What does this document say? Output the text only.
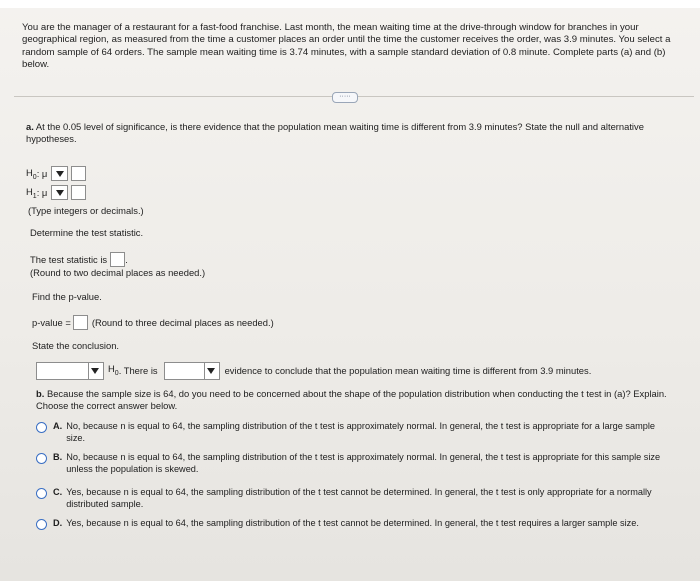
You are the manager of a restaurant for a fast-food franchise. Last month, the mean waiting time at the drive-through window for branches in your geographical region, as measured from the time a customer places an order until the time the customer receives the order, was 3.9 minutes. You select a random sample of 64 orders. The sample mean waiting time is 3.74 minutes, with a sample standard deviation of 0.8 minute. Complete parts (a) and (b) below.
·····
a. At the 0.05 level of significance, is there evidence that the population mean waiting time is different from 3.9 minutes? State the null and alternative hypotheses.
$H_0$ : μ
$H_1$ : μ
(Type integers or decimals.)
Determine the test statistic.
The test statistic is .
(Round to two decimal places as needed.)
Find the p-value.
p-value = (Round to three decimal places as needed.)
State the conclusion.
$H_0$ . There is	evidence to conclude that the population mean waiting time is different from 3.9 minutes.
b. Because the sample size is 64, do you need to be concerned about the shape of the population distribution when conducting the t test in (a)? Explain. Choose the correct answer below.
A. No, because n is equal to 64, the sampling distribution of the t test is approximately normal. In general, the t test is appropriate for a large sample size.
B. No, because n is equal to 64, the sampling distribution of the t test is approximately normal. In general, the t test is appropriate for this sample size unless the population is skewed.
C. Yes, because n is equal to 64, the sampling distribution of the t test cannot be determined. In general, the t test is only appropriate for a normally distributed sample.
D. Yes, because n is equal to 64, the sampling distribution of the t test cannot be determined. In general, the t test requires a larger sample size.
